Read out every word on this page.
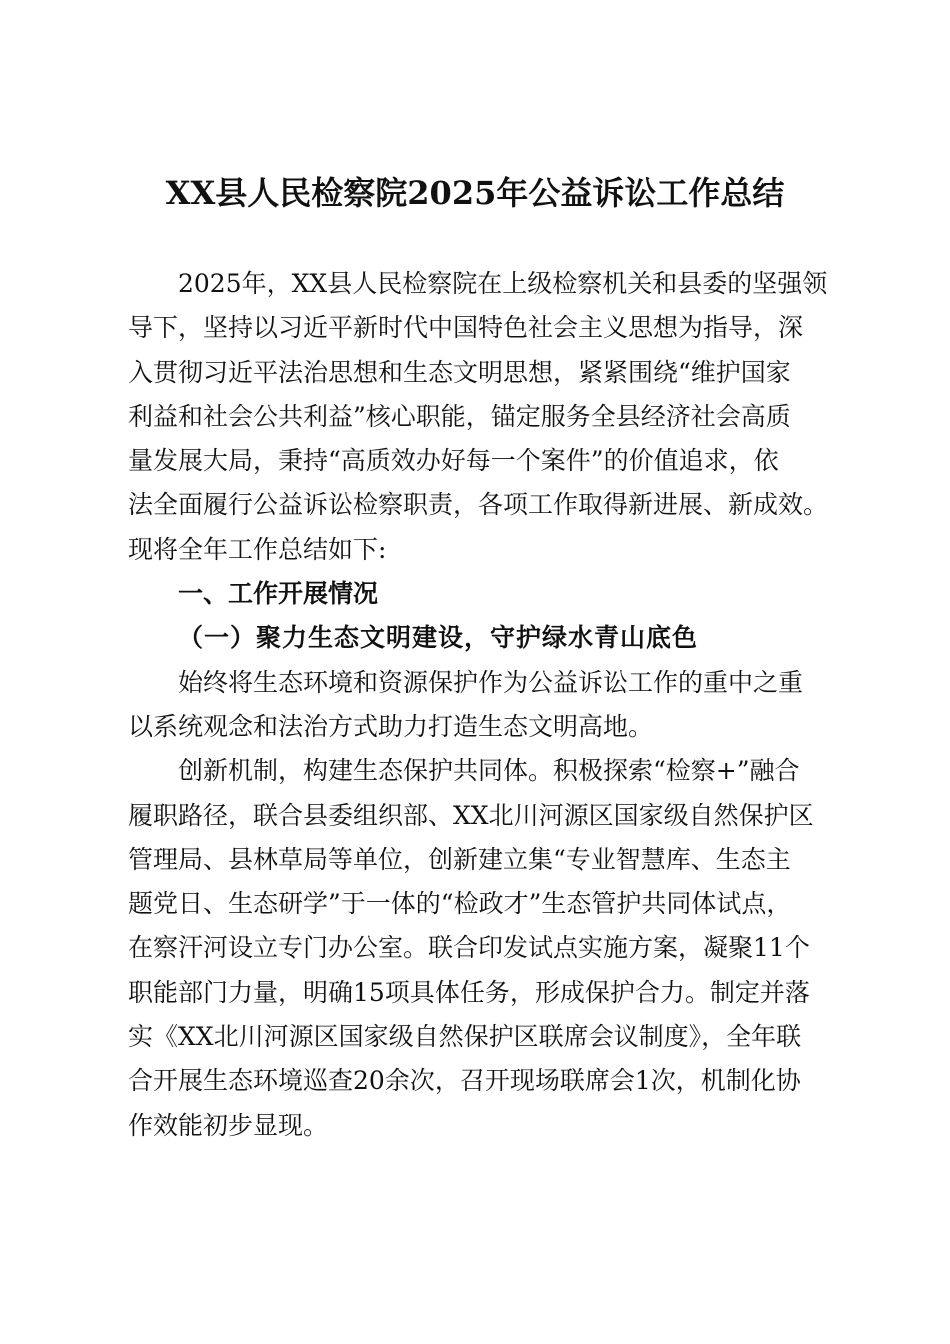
XX县人民检察院2025年公益诉讼工作总结

2025年，XX县人民检察院在上级检察机关和县委的坚强领
导下，坚持以习近平新时代中国特色社会主义思想为指导，深
入贯彻习近平法治思想和生态文明思想，紧紧围绕“维护国家
利益和社会公共利益”核心职能，锚定服务全县经济社会高质
量发展大局，秉持“高质效办好每一个案件”的价值追求，依
法全面履行公益诉讼检察职责，各项工作取得新进展、新成效。
现将全年工作总结如下:

一、工作开展情况

（一）聚力生态文明建设，守护绿水青山底色

始终将生态环境和资源保护作为公益诉讼工作的重中之重
以系统观念和法治方式助力打造生态文明高地。

创新机制，构建生态保护共同体。积极探索“检察+”融合
履职路径，联合县委组织部、XX北川河源区国家级自然保护区
管理局、县林草局等单位，创新建立集“专业智慧库、生态主
题党日、生态研学”于一体的“检政才”生态管护共同体试点，
在察汗河设立专门办公室。联合印发试点实施方案，凝聚11个
职能部门力量，明确15项具体任务，形成保护合力。制定并落
实《XX北川河源区国家级自然保护区联席会议制度》，全年联
合开展生态环境巡查20余次，召开现场联席会1次，机制化协
作效能初步显现。
